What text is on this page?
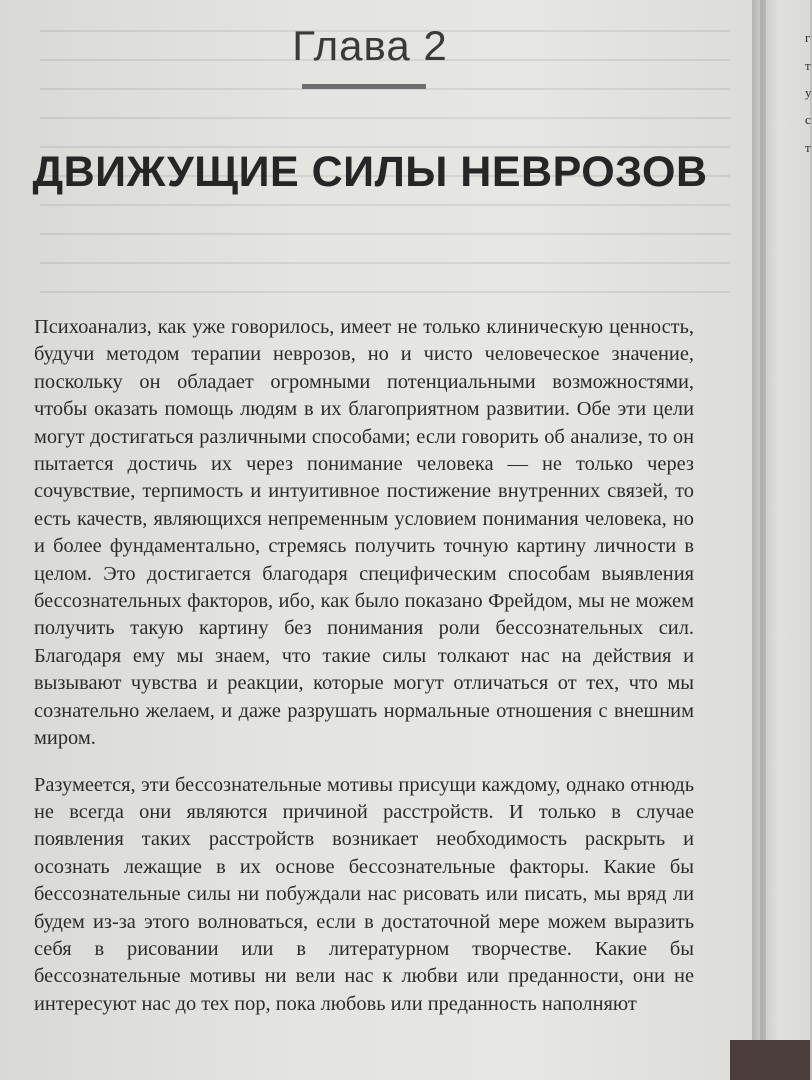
Глава 2
ДВИЖУЩИЕ СИЛЫ НЕВРОЗОВ

Психоанализ, как уже говорилось, имеет не только клиническую ценность, будучи методом терапии неврозов, но и чисто человеческое значение, поскольку он обладает огромными потенциальными возможностями, чтобы оказать помощь людям в их благоприятном развитии. Обе эти цели могут достигаться различными способами; если говорить об анализе, то он пытается достичь их через понимание человека — не только через сочувствие, терпимость и интуитивное постижение внутренних связей, то есть качеств, являющихся непременным условием понимания человека, но и более фундаментально, стремясь получить точную картину личности в целом. Это достигается благодаря специфическим способам выявления бессознательных факторов, ибо, как было показано Фрейдом, мы не можем получить такую картину без понимания роли бессознательных сил. Благодаря ему мы знаем, что такие силы толкают нас на действия и вызывают чувства и реакции, которые могут отличаться от тех, что мы сознательно желаем, и даже разрушать нормальные отношения с внешним миром.

Разумеется, эти бессознательные мотивы присущи каждому, однако отнюдь не всегда они являются причиной расстройств. И только в случае появления таких расстройств возникает необходимость раскрыть и осознать лежащие в их основе бессознательные факторы. Какие бы бессознательные силы ни побуждали нас рисовать или писать, мы вряд ли будем из-за этого волноваться, если в достаточной мере можем выразить себя в рисовании или в литературном творчестве. Какие бы бессознательные мотивы ни вели нас к любви или преданности, они не интересуют нас до тех пор, пока любовь или преданность наполняют

г
т
у
с
т
